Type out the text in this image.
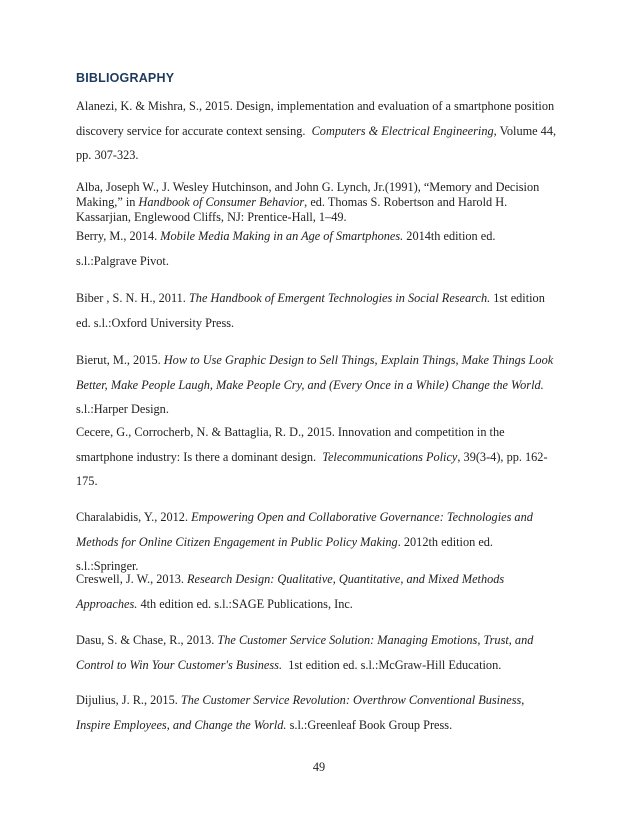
BIBLIOGRAPHY
Alanezi, K. & Mishra, S., 2015. Design, implementation and evaluation of a smartphone position
discovery service for accurate context sensing. Computers & Electrical Engineering, Volume 44,
pp. 307-323.
Alba, Joseph W., J. Wesley Hutchinson, and John G. Lynch, Jr.(1991), “Memory and Decision
Making,” in Handbook of Consumer Behavior, ed. Thomas S. Robertson and Harold H.
Kassarjian, Englewood Cliffs, NJ: Prentice-Hall, 1–49.
Berry, M., 2014. Mobile Media Making in an Age of Smartphones. 2014th edition ed.
s.l.:Palgrave Pivot.
Biber , S. N. H., 2011. The Handbook of Emergent Technologies in Social Research. 1st edition
ed. s.l.:Oxford University Press.
Bierut, M., 2015. How to Use Graphic Design to Sell Things, Explain Things, Make Things Look
Better, Make People Laugh, Make People Cry, and (Every Once in a While) Change the World.
s.l.:Harper Design.
Cecere, G., Corrocherb, N. & Battaglia, R. D., 2015. Innovation and competition in the
smartphone industry: Is there a dominant design. Telecommunications Policy, 39(3-4), pp. 162-
175.
Charalabidis, Y., 2012. Empowering Open and Collaborative Governance: Technologies and
Methods for Online Citizen Engagement in Public Policy Making. 2012th edition ed.
s.l.:Springer.
Creswell, J. W., 2013. Research Design: Qualitative, Quantitative, and Mixed Methods
Approaches. 4th edition ed. s.l.:SAGE Publications, Inc.
Dasu, S. & Chase, R., 2013. The Customer Service Solution: Managing Emotions, Trust, and
Control to Win Your Customer's Business. 1st edition ed. s.l.:McGraw-Hill Education.
Dijulius, J. R., 2015. The Customer Service Revolution: Overthrow Conventional Business,
Inspire Employees, and Change the World. s.l.:Greenleaf Book Group Press.
49
